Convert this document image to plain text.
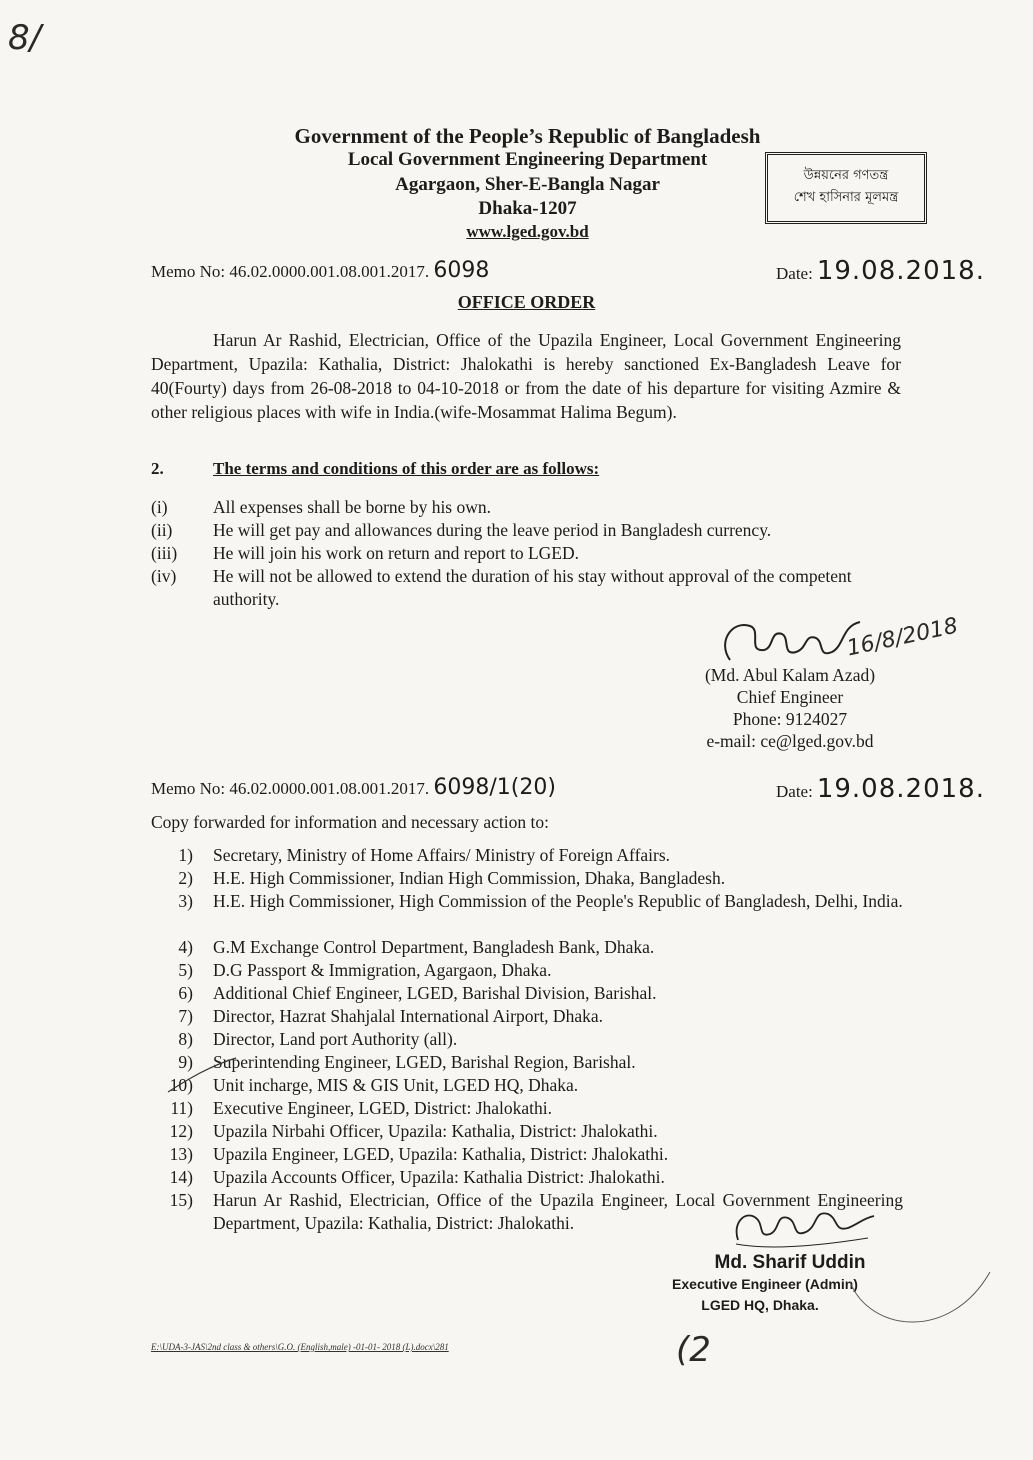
8/
Government of the People’s Republic of Bangladesh
Local Government Engineering Department
Agargaon, Sher-E-Bangla Nagar
Dhaka-1207
www.lged.gov.bd
উন্নয়নের গণতন্ত্র
শেখ হাসিনার মূলমন্ত্র
Memo No: 46.02.0000.001.08.001.2017. 6098	Date: 19.08.2018.
OFFICE ORDER
Harun Ar Rashid, Electrician, Office of the Upazila Engineer, Local Government Engineering Department, Upazila: Kathalia, District: Jhalokathi is hereby sanctioned Ex-Bangladesh Leave for 40(Fourty) days from 26-08-2018 to 04-10-2018 or from the date of his departure for visiting Azmire & other religious places with wife in India.(wife-Mosammat Halima Begum).
2.	The terms and conditions of this order are as follows:
(i)	All expenses shall be borne by his own.
(ii)	He will get pay and allowances during the leave period in Bangladesh currency.
(iii)	He will join his work on return and report to LGED.
(iv)	He will not be allowed to extend the duration of his stay without approval of the competent authority.
16/8/2018
(Md. Abul Kalam Azad)
Chief Engineer
Phone: 9124027
e-mail: ce@lged.gov.bd
Memo No: 46.02.0000.001.08.001.2017. 6098/1(20)	Date: 19.08.2018.
Copy forwarded for information and necessary action to:
1) Secretary, Ministry of Home Affairs/ Ministry of Foreign Affairs.
2) H.E. High Commissioner, Indian High Commission, Dhaka, Bangladesh.
3) H.E. High Commissioner, High Commission of the People's Republic of Bangladesh, Delhi, India.
4) G.M Exchange Control Department, Bangladesh Bank, Dhaka.
5) D.G Passport & Immigration, Agargaon, Dhaka.
6) Additional Chief Engineer, LGED, Barishal Division, Barishal.
7) Director, Hazrat Shahjalal International Airport, Dhaka.
8) Director, Land port Authority (all).
9) Superintending Engineer, LGED, Barishal Region, Barishal.
10) Unit incharge, MIS & GIS Unit, LGED HQ, Dhaka.
11) Executive Engineer, LGED, District: Jhalokathi.
12) Upazila Nirbahi Officer, Upazila: Kathalia, District: Jhalokathi.
13) Upazila Engineer, LGED, Upazila: Kathalia, District: Jhalokathi.
14) Upazila Accounts Officer, Upazila: Kathalia District: Jhalokathi.
15) Harun Ar Rashid, Electrician, Office of the Upazila Engineer, Local Government Engineering Department, Upazila: Kathalia, District: Jhalokathi.
Md. Sharif Uddin
Executive Engineer (Admin)
LGED HQ, Dhaka.
E:\UDA-3-JAS\2nd class & others\G.O. (English,male) -01-01- 2018 (L).docx\281	(2
